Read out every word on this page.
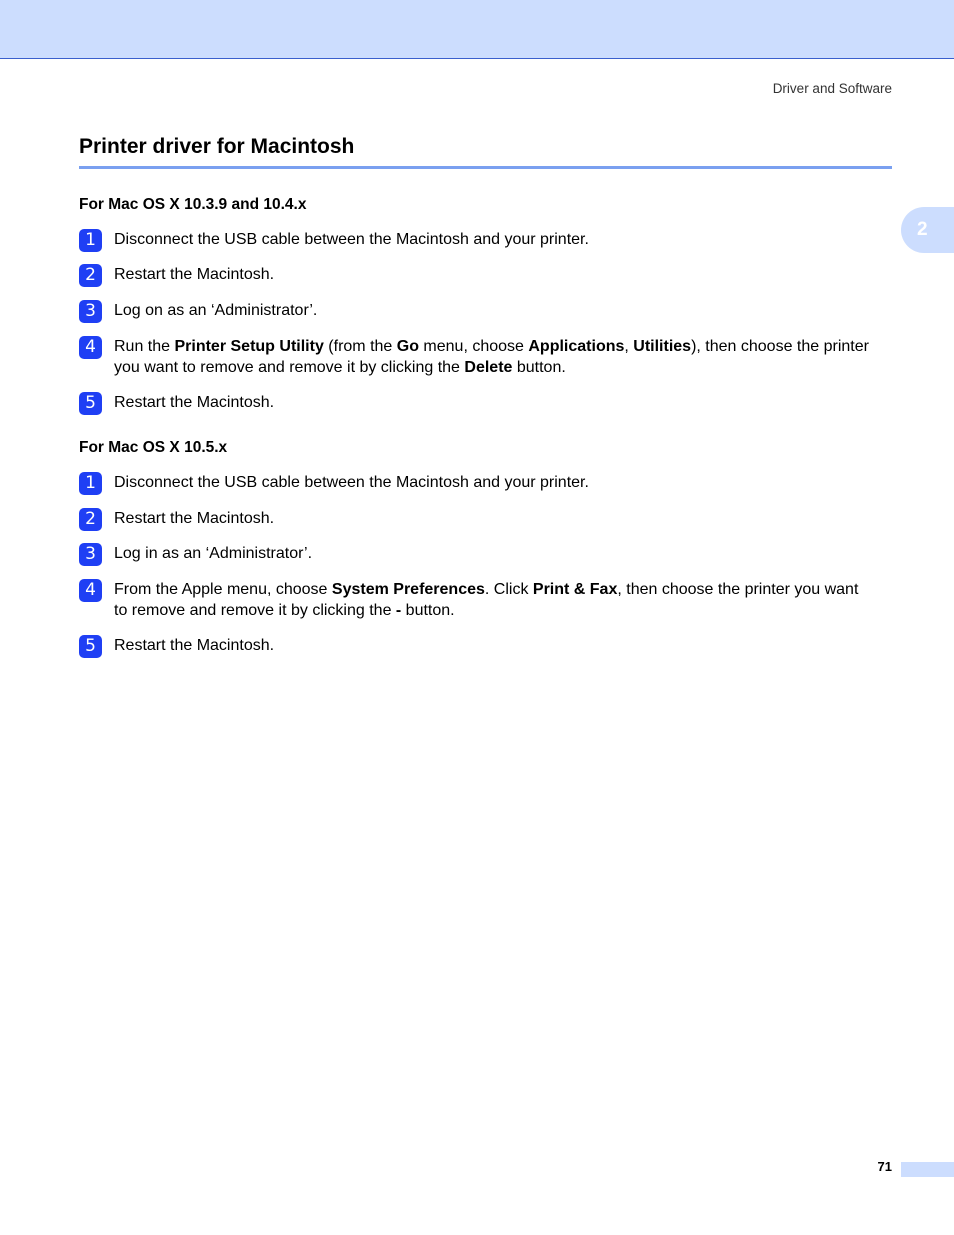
Driver and Software
Printer driver for Macintosh
2
For Mac OS X 10.3.9 and 10.4.x
1	Disconnect the USB cable between the Macintosh and your printer.
2	Restart the Macintosh.
3	Log on as an ‘Administrator’.
4	Run the Printer Setup Utility (from the Go menu, choose Applications, Utilities), then choose the printer you want to remove and remove it by clicking the Delete button.
5	Restart the Macintosh.
For Mac OS X 10.5.x
1	Disconnect the USB cable between the Macintosh and your printer.
2	Restart the Macintosh.
3	Log in as an ‘Administrator’.
4	From the Apple menu, choose System Preferences. Click Print & Fax, then choose the printer you want to remove and remove it by clicking the - button.
5	Restart the Macintosh.
71
